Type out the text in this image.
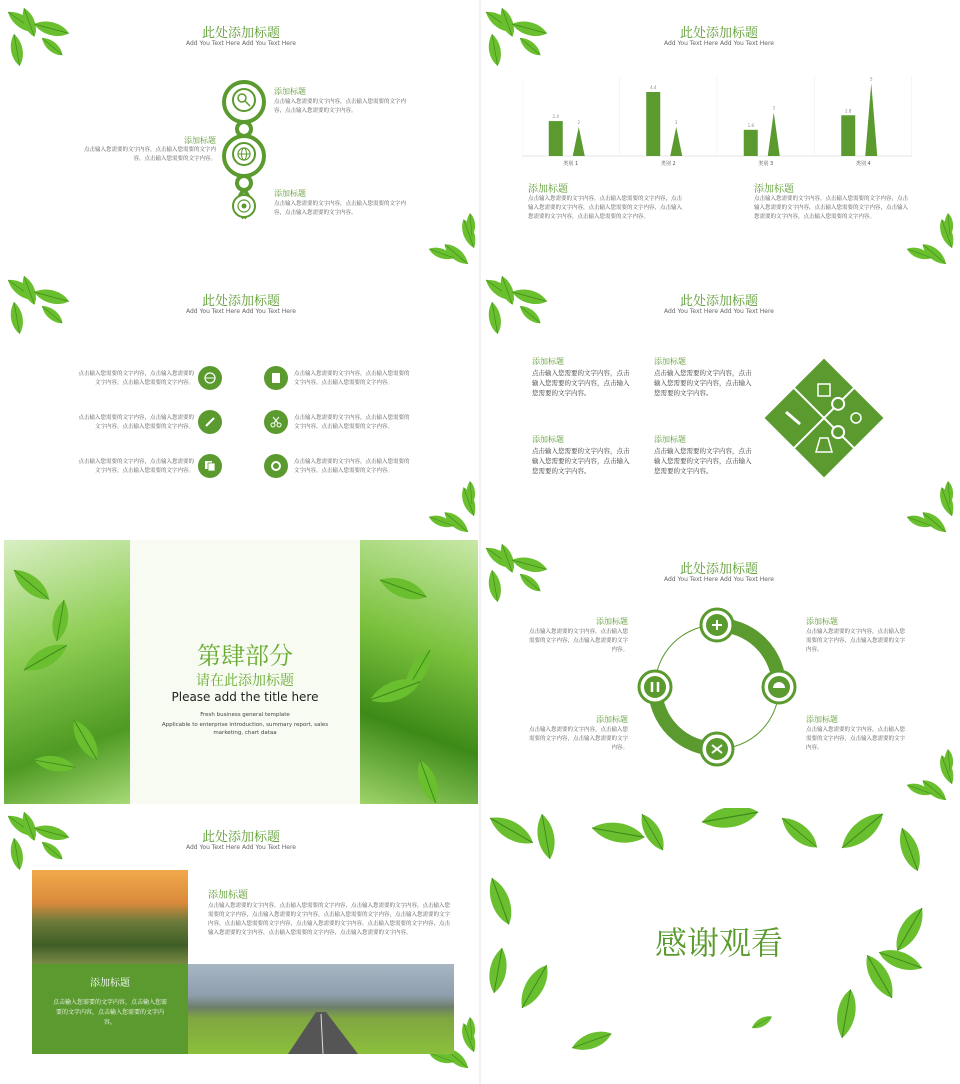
此处添加标题
Add You Text Here Add You Text Here
添加标题
点击输入您需要的文字内容，点击输入您需要的文字内容，点击输入您需要的文字内容。
添加标题
点击输入您需要的文字内容，点击输入您需要的文字内容，点击输入您需要的文字内容。
添加标题
点击输入您需要的文字内容，点击输入您需要的文字内容，点击输入您需要的文字内容。
此处添加标题
Add You Text Here Add You Text Here
2.4
2
类别 1
4.4
2
类别 2
1.8
3
类别 3
2.8
5
类别 4
添加标题
点击输入您需要的文字内容，点击输入您需要的文字内容，点击输入您需要的文字内容，点击输入您需要的文字内容，点击输入您需要的文字内容，点击输入您需要的文字内容。
添加标题
点击输入您需要的文字内容，点击输入您需要的文字内容，点击输入您需要的文字内容，点击输入您需要的文字内容，点击输入您需要的文字内容，点击输入您需要的文字内容。
此处添加标题
Add You Text Here Add You Text Here
点击输入您需要的文字内容，点击输入您需要的文字内容，点击输入您需要的文字内容。
点击输入您需要的文字内容，点击输入您需要的文字内容，点击输入您需要的文字内容。
点击输入您需要的文字内容，点击输入您需要的文字内容，点击输入您需要的文字内容。
点击输入您需要的文字内容，点击输入您需要的文字内容，点击输入您需要的文字内容。
点击输入您需要的文字内容，点击输入您需要的文字内容，点击输入您需要的文字内容。
点击输入您需要的文字内容，点击输入您需要的文字内容，点击输入您需要的文字内容。
此处添加标题
Add You Text Here Add You Text Here
添加标题
点击输入您需要的文字内容，点击输入您需要的文字内容，点击输入您需要的文字内容。
添加标题
点击输入您需要的文字内容，点击输入您需要的文字内容，点击输入您需要的文字内容。
添加标题
点击输入您需要的文字内容，点击输入您需要的文字内容，点击输入您需要的文字内容。
添加标题
点击输入您需要的文字内容，点击输入您需要的文字内容，点击输入您需要的文字内容。
第肆部分
请在此添加标题
Please add the title here
Fresh business general template
Applicable to enterprise introduction, summary report, sales marketing, chart dataa
此处添加标题
Add You Text Here Add You Text Here
添加标题
点击输入您需要的文字内容，点击输入您需要的文字内容，点击输入您需要的文字内容。
添加标题
点击输入您需要的文字内容，点击输入您需要的文字内容，点击输入您需要的文字内容。
添加标题
点击输入您需要的文字内容，点击输入您需要的文字内容，点击输入您需要的文字内容。
添加标题
点击输入您需要的文字内容，点击输入您需要的文字内容，点击输入您需要的文字内容。
此处添加标题
Add You Text Here Add You Text Here
添加标题
点击输入您需要的文字内容，点击输入您需要的文字内容，点击输入您需要的文字内容。
添加标题
点击输入您需要的文字内容，点击输入您需要的文字内容，点击输入您需要的文字内容，点击输入您需要的文字内容，点击输入您需要的文字内容，点击输入您需要的文字内容，点击输入您需要的文字内容，点击输入您需要的文字内容，点击输入您需要的文字内容，点击输入您需要的文字内容，点击输入您需要的文字内容，点击输入您需要的文字内容，点击输入您需要的文字内容。	感谢观看
